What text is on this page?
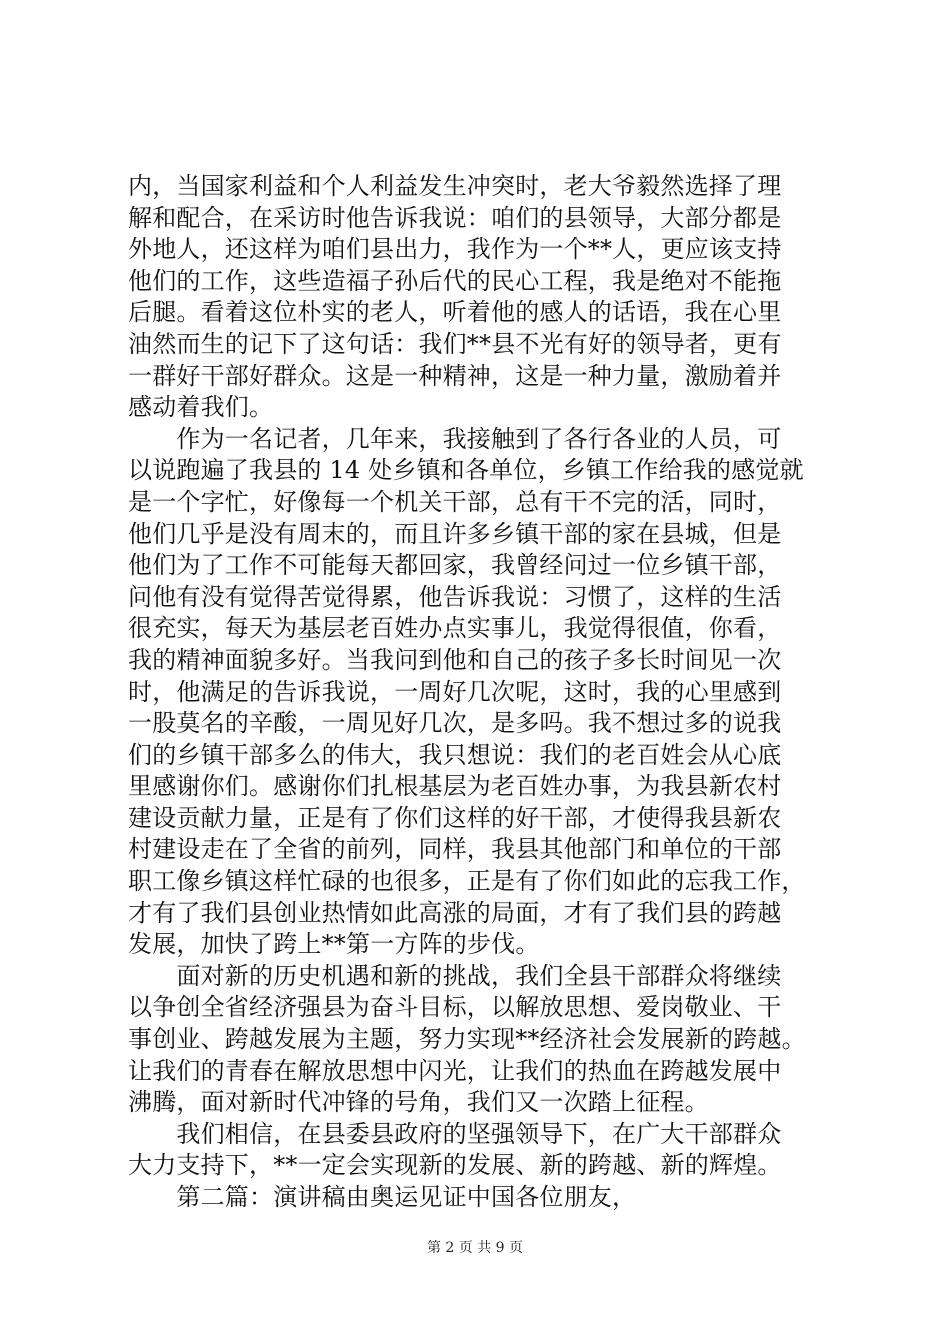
内，当国家利益和个人利益发生冲突时，老大爷毅然选择了理
解和配合，在采访时他告诉我说：咱们的县领导，大部分都是
外地人，还这样为咱们县出力，我作为一个**人，更应该支持
他们的工作，这些造福子孙后代的民心工程，我是绝对不能拖
后腿。看着这位朴实的老人，听着他的感人的话语，我在心里
油然而生的记下了这句话：我们**县不光有好的领导者，更有
一群好干部好群众。这是一种精神，这是一种力量，激励着并
感动着我们。
　　作为一名记者，几年来，我接触到了各行各业的人员，可
以说跑遍了我县的 14 处乡镇和各单位，乡镇工作给我的感觉就
是一个字忙，好像每一个机关干部，总有干不完的活，同时，
他们几乎是没有周末的，而且许多乡镇干部的家在县城，但是
他们为了工作不可能每天都回家，我曾经问过一位乡镇干部，
问他有没有觉得苦觉得累，他告诉我说：习惯了，这样的生活
很充实，每天为基层老百姓办点实事儿，我觉得很值，你看，
我的精神面貌多好。当我问到他和自己的孩子多长时间见一次
时，他满足的告诉我说，一周好几次呢，这时，我的心里感到
一股莫名的辛酸，一周见好几次，是多吗。我不想过多的说我
们的乡镇干部多么的伟大，我只想说：我们的老百姓会从心底
里感谢你们。感谢你们扎根基层为老百姓办事，为我县新农村
建设贡献力量，正是有了你们这样的好干部，才使得我县新农
村建设走在了全省的前列，同样，我县其他部门和单位的干部
职工像乡镇这样忙碌的也很多，正是有了你们如此的忘我工作，
才有了我们县创业热情如此高涨的局面，才有了我们县的跨越
发展，加快了跨上**第一方阵的步伐。
　　面对新的历史机遇和新的挑战，我们全县干部群众将继续
以争创全省经济强县为奋斗目标，以解放思想、爱岗敬业、干
事创业、跨越发展为主题，努力实现**经济社会发展新的跨越。
让我们的青春在解放思想中闪光，让我们的热血在跨越发展中
沸腾，面对新时代冲锋的号角，我们又一次踏上征程。
　　我们相信，在县委县政府的坚强领导下，在广大干部群众
大力支持下，**一定会实现新的发展、新的跨越、新的辉煌。
　　第二篇：演讲稿由奥运见证中国各位朋友，
第 2 页 共 9 页
